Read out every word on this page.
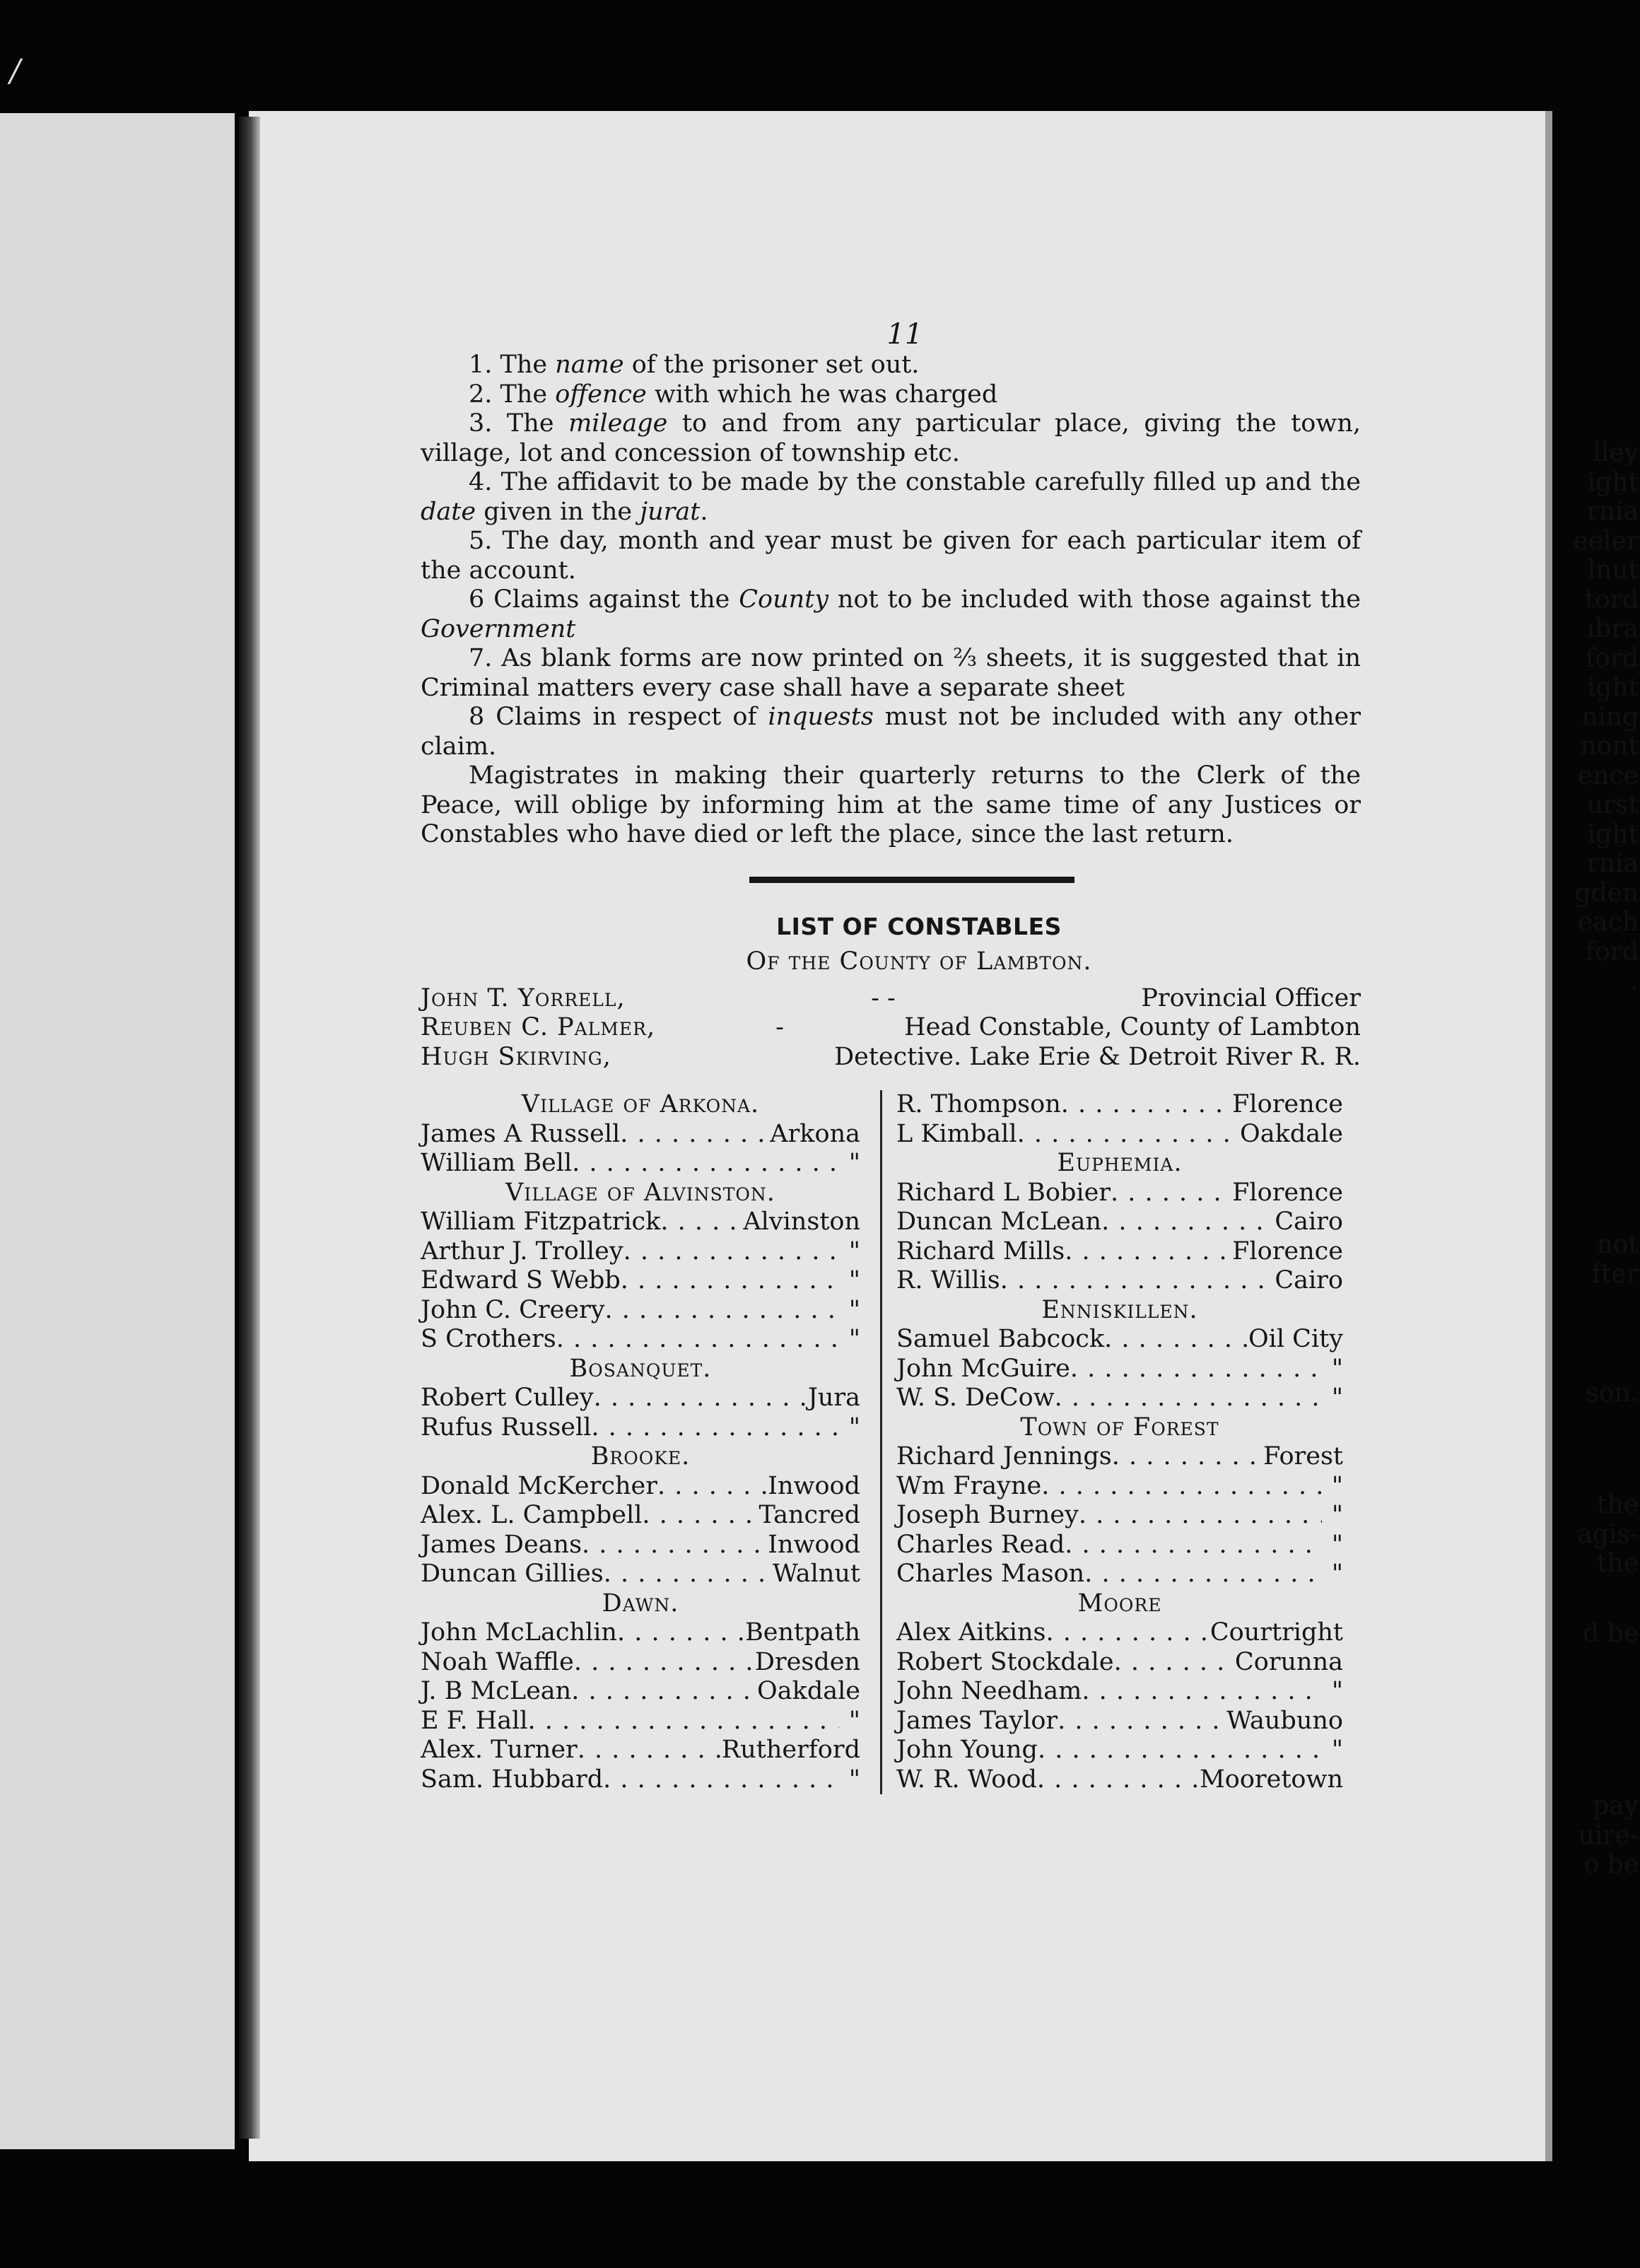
/
lley
ight
rnia
eeler
lnut
tord
ıbra
ford
ight
ning
nont
ence
urst
ight
rnia
gden
each
ford
.
not
fter
son.
the
agis-
the
d be
pay
uire-
o be
11

1. The name of the prisoner set out.

2. The offence with which he was charged

3. The mileage to and from any particular place, giving the town, village, lot and concession of township etc.

4. The affidavit to be made by the constable carefully filled up and the date given in the jurat.

5. The day, month and year must be given for each particular item of the account.

6 Claims against the County not to be included with those against the Government

7. As blank forms are now printed on ⅔ sheets, it is suggested that in Criminal matters every case shall have a separate sheet

8 Claims in respect of inquests must not be included with any other claim.

Magistrates in making their quarterly returns to the Clerk of the Peace, will oblige by informing him at the same time of any Justices or Constables who have died or left the place, since the last return.

LIST OF CONSTABLES
Of the County of Lambton.
John T. Yorrell,	- -	Provincial Officer
Reuben C. Palmer,	-	Head Constable, County of Lambton
Hugh Skirving,	Detective. Lake Erie & Detroit River R. R.
Village of Arkona.
James A Russell . . .	Arkona
William Bell . . .	"
Village of Alvinston.
William Fitzpatrick . . .	Alvinston
Arthur J. Trolley . . .	"
Edward S Webb . . .	"
John C. Creery . . .	"
S Crothers . . .	"
Bosanquet.
Robert Culley . . .	Jura
Rufus Russell . . .	"
Brooke.
Donald McKercher . . .	Inwood
Alex. L. Campbell . . .	Tancred
James Deans . . .	Inwood
Duncan Gillies . . .	Walnut
Dawn.
John McLachlin . . .	Bentpath
Noah Waffle . . .	Dresden
J. B McLean . . .	Oakdale
E F. Hall . . .	"
Alex. Turner . . .	Rutherford
Sam. Hubbard . . .	"
R. Thompson . . .	Florence
L Kimball . . .	Oakdale
Euphemia.
Richard L Bobier . . .	Florence
Duncan McLean . . .	Cairo
Richard Mills . . .	Florence
R. Willis . . .	Cairo
Enniskillen.
Samuel Babcock . . .	Oil City
John McGuire . . .	"
W. S. DeCow . . .	"
Town of Forest
Richard Jennings . . .	Forest
Wm Frayne . . .	"
Joseph Burney . . .	"
Charles Read . . .	"
Charles Mason . . .	"
Moore
Alex Aitkins . . .	Courtright
Robert Stockdale . . .	Corunna
John Needham . . .	"
James Taylor . . .	Waubuno
John Young . . .	"
W. R. Wood . . .	Mooretown
